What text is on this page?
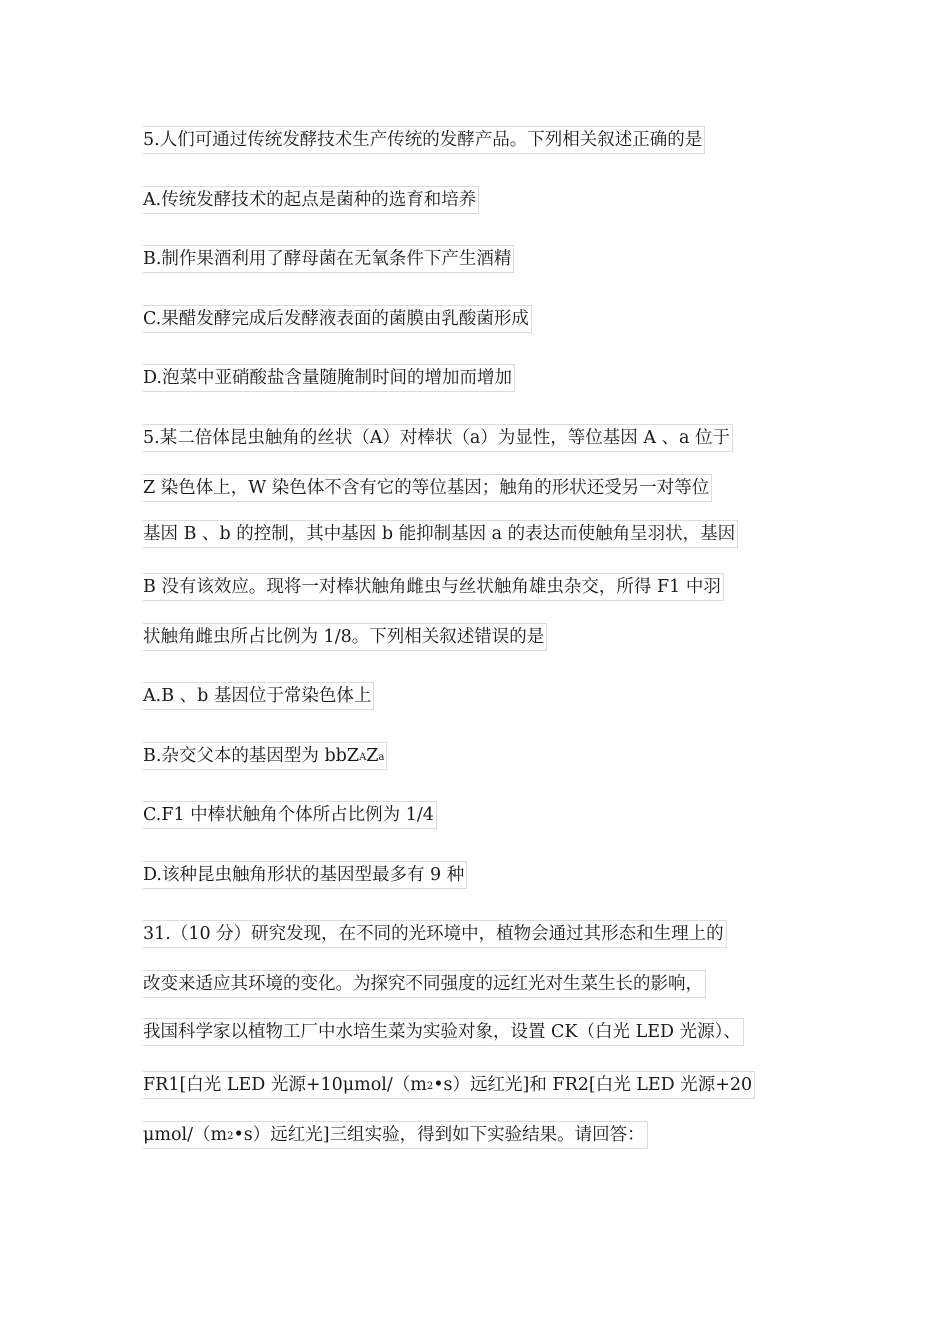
5.人们可通过传统发酵技术生产传统的发酵产品。下列相关叙述正确的是
A.传统发酵技术的起点是菌种的选育和培养
B.制作果酒利用了酵母菌在无氧条件下产生酒精
C.果醋发酵完成后发酵液表面的菌膜由乳酸菌形成
D.泡菜中亚硝酸盐含量随腌制时间的增加而增加
5.某二倍体昆虫触角的丝状（A）对棒状（a）为显性，等位基因 A 、a 位于
Z 染色体上，W 染色体不含有它的等位基因；触角的形状还受另一对等位
基因 B 、b 的控制，其中基因 b 能抑制基因 a 的表达而使触角呈羽状，基因
B 没有该效应。现将一对棒状触角雌虫与丝状触角雄虫杂交，所得 F1 中羽
状触角雌虫所占比例为 1/8。下列相关叙述错误的是
A.B 、b 基因位于常染色体上
B.杂交父本的基因型为 bbZAZa
C.F1 中棒状触角个体所占比例为 1/4
D.该种昆虫触角形状的基因型最多有 9 种
31.（10 分）研究发现，在不同的光环境中，植物会通过其形态和生理上的
改变来适应其环境的变化。为探究不同强度的远红光对生菜生长的影响，
我国科学家以植物工厂中水培生菜为实验对象，设置 CK（白光 LED 光源）、
FR1[白光 LED 光源+10μmol/（m2•s）远红光]和 FR2[白光 LED 光源+20
μmol/（m2•s）远红光]三组实验，得到如下实验结果。请回答：
